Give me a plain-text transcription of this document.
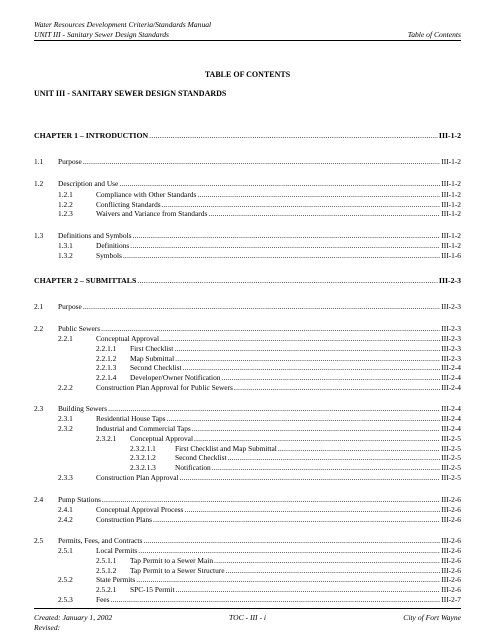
Water Resources Development Criteria/Standards Manual
UNIT III - Sanitary Sewer Design Standards	Table of Contents
TABLE OF CONTENTS
UNIT III - SANITARY SEWER DESIGN STANDARDS
CHAPTER 1 – INTRODUCTION .....	III-1-2
1.1	Purpose .....	III-1-2
1.2	Description and Use .....	III-1-2
1.2.1	Compliance with Other Standards .....	III-1-2
1.2.2	Conflicting Standards .....	III-1-2
1.2.3	Waivers and Variance from Standards .....	III-1-2
1.3	Definitions and Symbols .....	III-1-2
1.3.1	Definitions .....	III-1-2
1.3.2	Symbols .....	III-1-6
CHAPTER 2 – SUBMITTALS .....	III-2-3
2.1	Purpose .....	III-2-3
2.2	Public Sewers .....	III-2-3
2.2.1	Conceptual Approval .....	III-2-3
2.2.1.1	First Checklist .....	III-2-3
2.2.1.2	Map Submittal .....	III-2-3
2.2.1.3	Second Checklist .....	III-2-4
2.2.1.4	Developer/Owner Notification .....	III-2-4
2.2.2	Construction Plan Approval for Public Sewers .....	III-2-4
2.3	Building Sewers .....	III-2-4
2.3.1	Residential House Taps .....	III-2-4
2.3.2	Industrial and Commercial Taps .....	III-2-4
2.3.2.1	Conceptual Approval .....	III-2-5
2.3.2.1.1	First Checklist and Map Submittal .....	III-2-5
2.3.2.1.2	Second Checklist .....	III-2-5
2.3.2.1.3	Notification .....	III-2-5
2.3.3	Construction Plan Approval .....	III-2-5
2.4	Pump Stations .....	III-2-6
2.4.1	Conceptual Approval Process .....	III-2-6
2.4.2	Construction Plans .....	III-2-6
2.5	Permits, Fees, and Contracts .....	III-2-6
2.5.1	Local Permits .....	III-2-6
2.5.1.1	Tap Permit to a Sewer Main .....	III-2-6
2.5.1.2	Tap Permit to a Sewer Structure .....	III-2-6
2.5.2	State Permits .....	III-2-6
2.5.2.1	SPC-15 Permit .....	III-2-6
2.5.3	Fees .....	III-2-7
Created: January 1, 2002	TOC - III - i	City of Fort Wayne
Revised:
